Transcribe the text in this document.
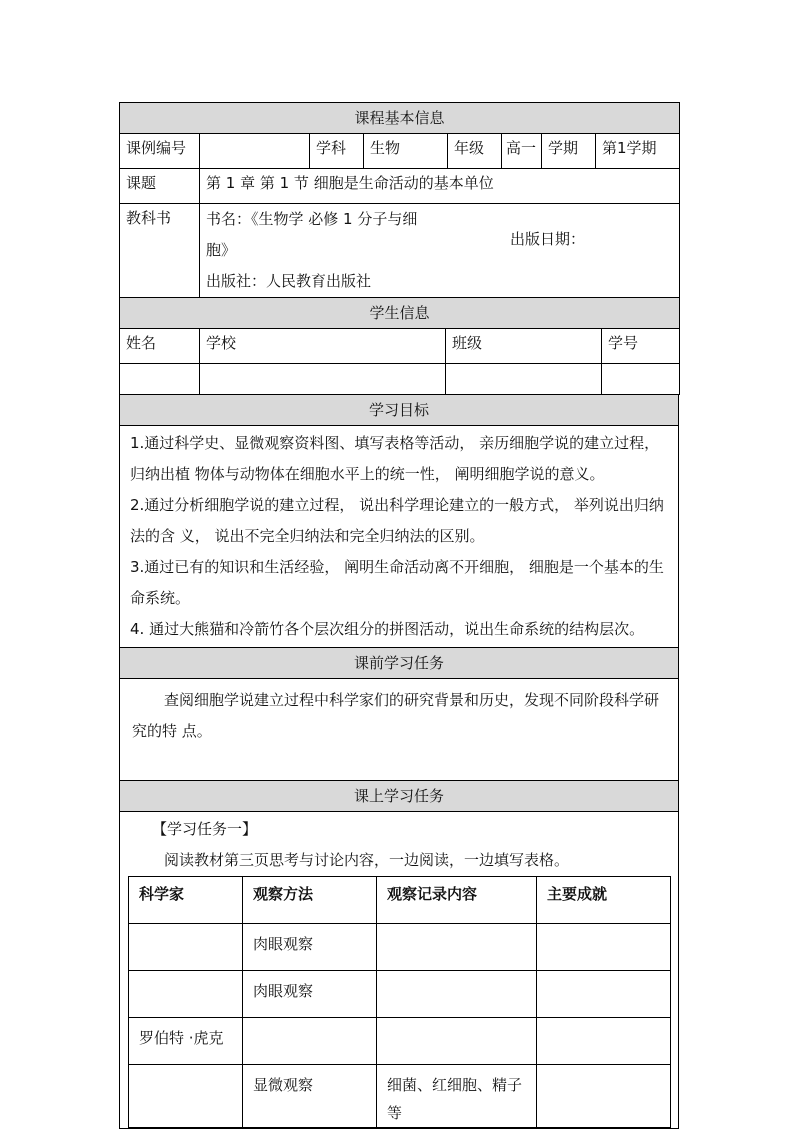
课程基本信息							
课例编号		学科	生物	年级	高一	学期	第1学期
课题	第 1 章 第 1 节 细胞是生命活动的基本单位						
教科书	书名：《生物学 必修 1 分子与细
胞》
出版日期：
出版社：人民教育出版社						
学生信息			
姓名	学校	班级	学号

学习目标

1.通过科学史、显微观察资料图、填写表格等活动， 亲历细胞学说的建立过程，归纳出植 物体与动物体在细胞水平上的统一性， 阐明细胞学说的意义。
2.通过分析细胞学说的建立过程， 说出科学理论建立的一般方式， 举列说出归纳法的含 义， 说出不完全归纳法和完全归纳法的区别。
3.通过已有的知识和生活经验， 阐明生命活动离不开细胞， 细胞是一个基本的生命系统。
4. 通过大熊猫和冷箭竹各个层次组分的拼图活动，说出生命系统的结构层次。
课前学习任务

查阅细胞学说建立过程中科学家们的研究背景和历史，发现不同阶段科学研究的特 点。
课上学习任务

【学习任务一】
阅读教材第三页思考与讨论内容，一边阅读，一边填写表格。
科学家	观察方法	观察记录内容	主要成就
	肉眼观察		
	肉眼观察		
罗伯特 ·虎克			
	显微观察	细菌、红细胞、精子等	
